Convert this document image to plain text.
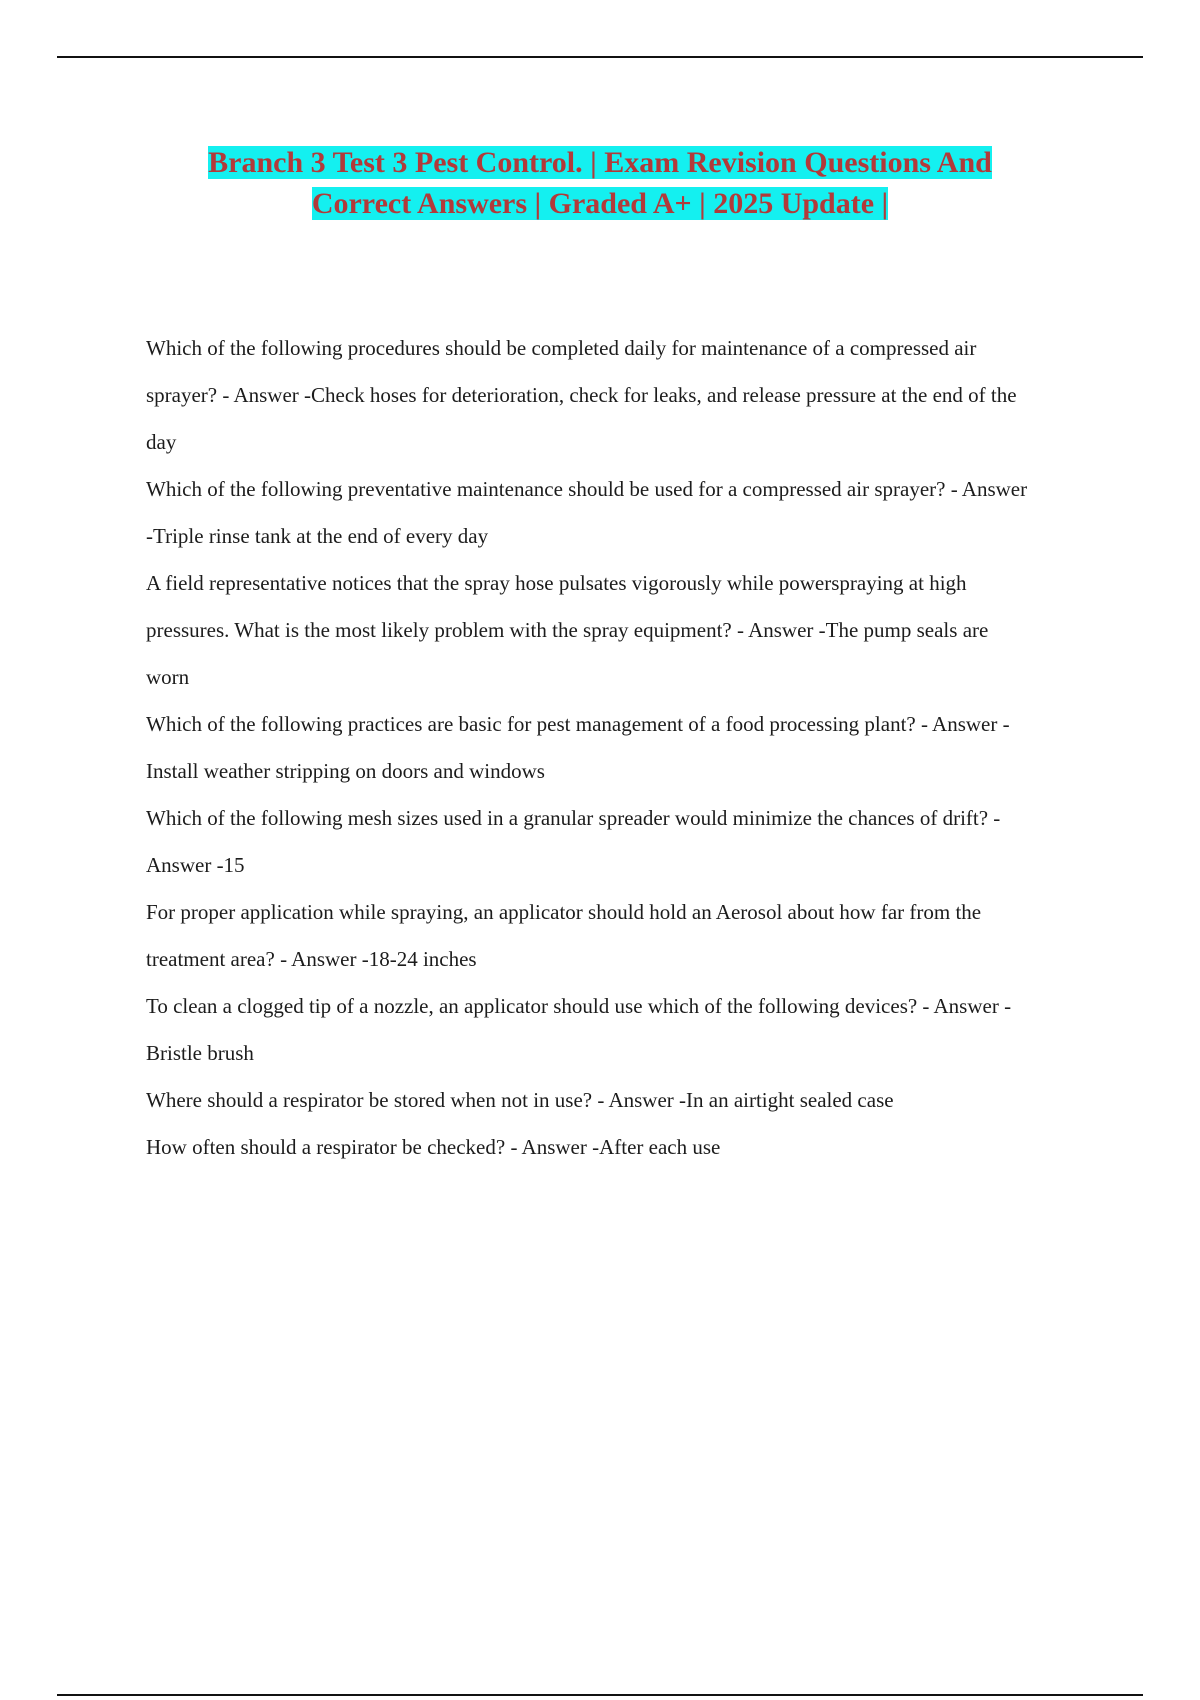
Branch 3 Test 3 Pest Control. | Exam Revision Questions And
Correct Answers | Graded A+ | 2025 Update |

Which of the following procedures should be completed daily for maintenance of a compressed air

sprayer? - Answer -Check hoses for deterioration, check for leaks, and release pressure at the end of the

day

Which of the following preventative maintenance should be used for a compressed air sprayer? - Answer

-Triple rinse tank at the end of every day

A field representative notices that the spray hose pulsates vigorously while powerspraying at high

pressures. What is the most likely problem with the spray equipment? - Answer -The pump seals are

worn

Which of the following practices are basic for pest management of a food processing plant? - Answer -

Install weather stripping on doors and windows

Which of the following mesh sizes used in a granular spreader would minimize the chances of drift? -

Answer -15

For proper application while spraying, an applicator should hold an Aerosol about how far from the

treatment area? - Answer -18-24 inches

To clean a clogged tip of a nozzle, an applicator should use which of the following devices? - Answer -

Bristle brush

Where should a respirator be stored when not in use? - Answer -In an airtight sealed case

How often should a respirator be checked? - Answer -After each use
